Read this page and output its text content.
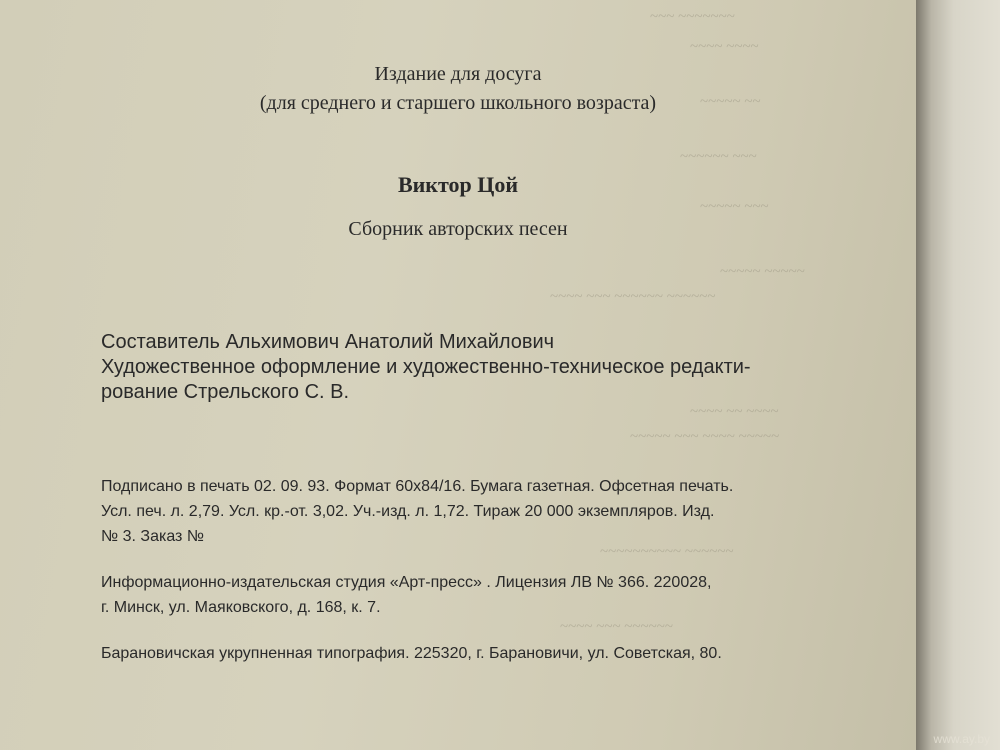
~~~ ~~~~~~~
~~~~ ~~~~
~~~~~ ~~
~~~~~~ ~~~
~~~~~ ~~~
~~~~~ ~~~~~
~~~~ ~~~ ~~~~~~ ~~~~~~
~~~~ ~~ ~~~~
~~~~~ ~~~ ~~~~ ~~~~~
~~~~~~~~~~ ~~~~~~
~~~~ ~~~ ~~~~~~
Издание для досуга
(для среднего и старшего школьного возраста)
Виктор Цой
Сборник авторских песен
Составитель Альхимович Анатолий Михайлович
Художественное оформление и художественно-техническое редакти-
рование Стрельского С. В.
Подписано в печать 02. 09. 93. Формат 60х84/16. Бумага газетная. Офсетная печать.
Усл. печ. л. 2,79. Усл. кр.-от. 3,02. Уч.-изд. л. 1,72. Тираж 20 000 экземпляров. Изд.
№ 3. Заказ №
Информационно-издательская студия «Арт-пресс» . Лицензия ЛВ № 366. 220028,
г. Минск, ул. Маяковского, д. 168, к. 7.
Барановичская укрупненная типография. 225320, г. Барановичи, ул. Советская, 80.
www.ay.by
